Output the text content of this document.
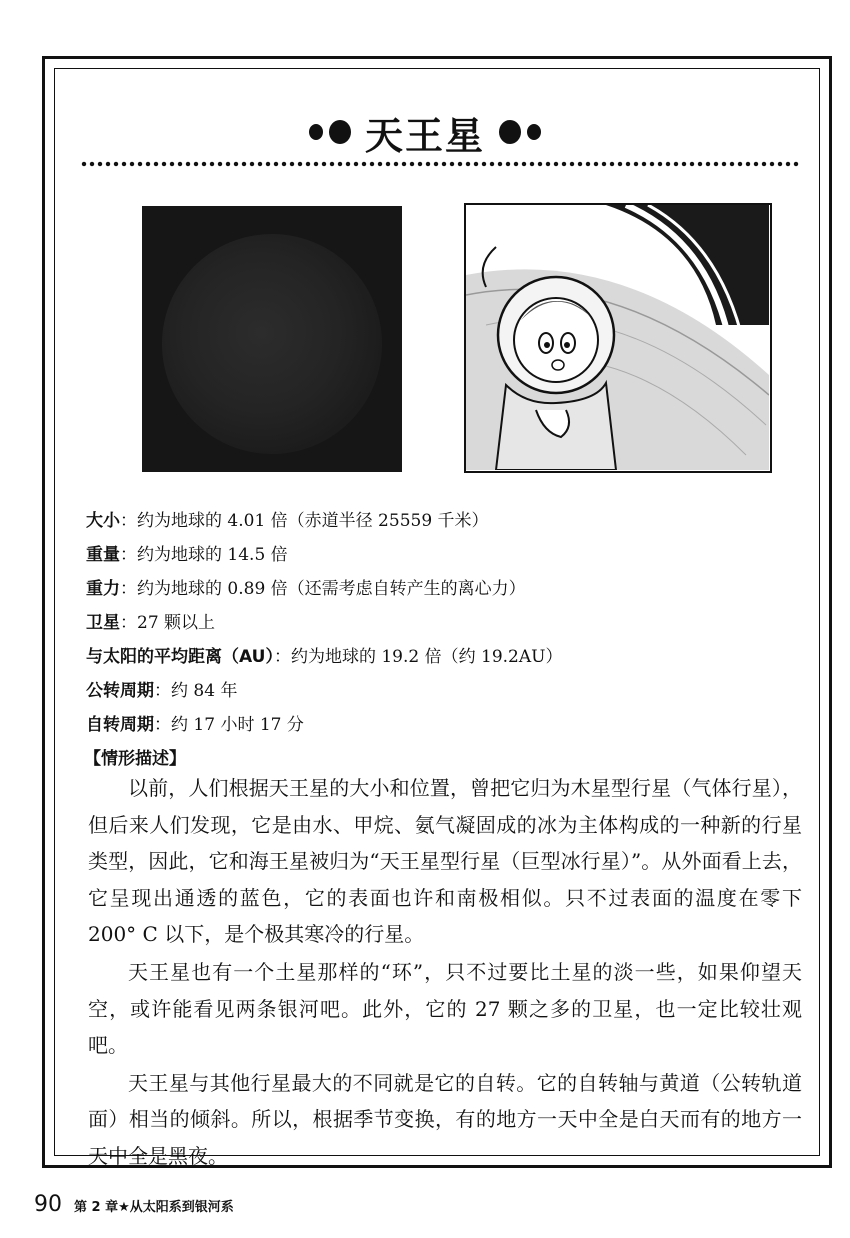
天王星
大小：约为地球的 4.01 倍（赤道半径 25559 千米）
重量：约为地球的 14.5 倍
重力：约为地球的 0.89 倍（还需考虑自转产生的离心力）
卫星：27 颗以上
与太阳的平均距离（AU）：约为地球的 19.2 倍（约 19.2AU）
公转周期：约 84 年
自转周期：约 17 小时 17 分
【情形描述】

以前，人们根据天王星的大小和位置，曾把它归为木星型行星（气体行星），但后来人们发现，它是由水、甲烷、氨气凝固成的冰为主体构成的一种新的行星类型，因此，它和海王星被归为“天王星型行星（巨型冰行星）”。从外面看上去，它呈现出通透的蓝色，它的表面也许和南极相似。只不过表面的温度在零下 200° C 以下，是个极其寒冷的行星。

天王星也有一个土星那样的“环”，只不过要比土星的淡一些，如果仰望天空，或许能看见两条银河吧。此外，它的 27 颗之多的卫星，也一定比较壮观吧。

天王星与其他行星最大的不同就是它的自转。它的自转轴与黄道（公转轨道面）相当的倾斜。所以，根据季节变换，有的地方一天中全是白天而有的地方一天中全是黑夜。

90 第 2 章★从太阳系到银河系
